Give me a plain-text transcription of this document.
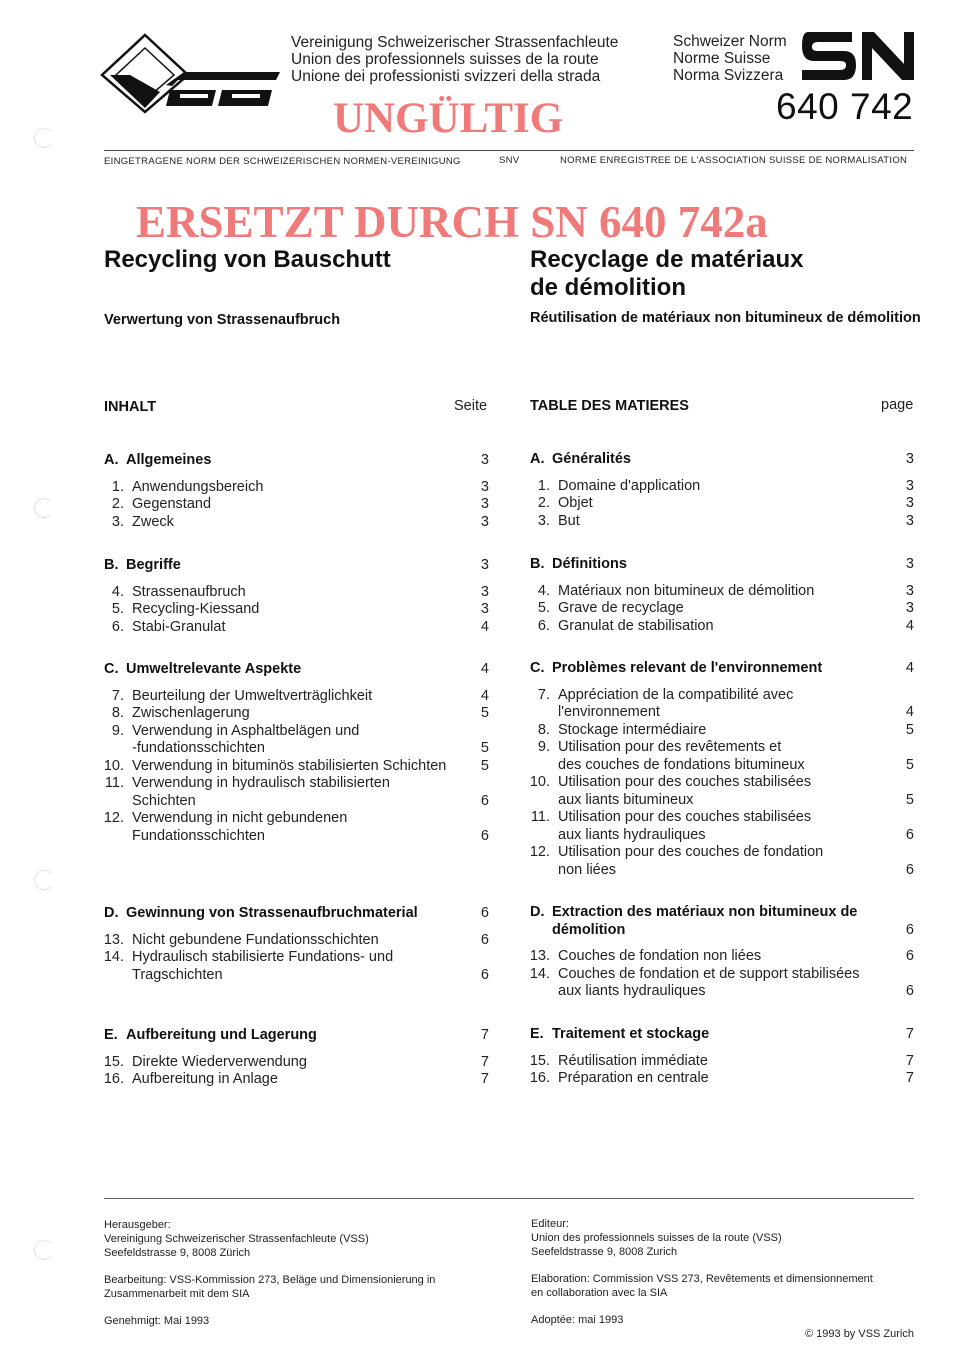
Vereinigung Schweizerischer Strassenfachleute
Union des professionnels suisses de la route
Unione dei professionisti svizzeri della strada
Schweizer Norm
Norme Suisse
Norma Svizzera
640 742
UNGÜLTIG
EINGETRAGENE NORM DER SCHWEIZERISCHEN NORMEN-VEREINIGUNG	SNV	NORME ENREGISTREE DE L'ASSOCIATION SUISSE DE NORMALISATION
ERSETZT DURCH SN 640 742a
Recycling von Bauschutt	Recyclage de matériaux
de démolition
Verwertung von Strassenaufbruch	Réutilisation de matériaux non bitumineux de démolition
INHALT	Seite	TABLE DES MATIERES	page
A. Allgemeines	3
1. Anwendungsbereich	3
2. Gegenstand	3
3. Zweck	3
B. Begriffe	3
4. Strassenaufbruch	3
5. Recycling-Kiessand	3
6. Stabi-Granulat	4
C. Umweltrelevante Aspekte	4
7. Beurteilung der Umweltverträglichkeit	4
8. Zwischenlagerung	5
9. Verwendung in Asphaltbelägen und
-fundationsschichten	5
10. Verwendung in bituminös stabilisierten Schichten	5
11. Verwendung in hydraulisch stabilisierten
Schichten	6
12. Verwendung in nicht gebundenen
Fundationsschichten	6
D. Gewinnung von Strassenaufbruchmaterial	6
13. Nicht gebundene Fundationsschichten	6
14. Hydraulisch stabilisierte Fundations- und
Tragschichten	6
E. Aufbereitung und Lagerung	7
15. Direkte Wiederverwendung	7
16. Aufbereitung in Anlage	7
A. Généralités	3
1. Domaine d'application	3
2. Objet	3
3. But	3
B. Définitions	3
4. Matériaux non bitumineux de démolition	3
5. Grave de recyclage	3
6. Granulat de stabilisation	4
C. Problèmes relevant de l'environnement	4
7. Appréciation de la compatibilité avec
l'environnement	4
8. Stockage intermédiaire	5
9. Utilisation pour des revêtements et
des couches de fondations bitumineux	5
10. Utilisation pour des couches stabilisées
aux liants bitumineux	5
11. Utilisation pour des couches stabilisées
aux liants hydrauliques	6
12. Utilisation pour des couches de fondation
non liées	6
D. Extraction des matériaux non bitumineux de
démolition	6
13. Couches de fondation non liées	6
14. Couches de fondation et de support stabilisées
aux liants hydrauliques	6
E. Traitement et stockage	7
15. Réutilisation immédiate	7
16. Préparation en centrale	7
Herausgeber:
Vereinigung Schweizerischer Strassenfachleute (VSS)
Seefeldstrasse 9, 8008 Zürich
Bearbeitung: VSS-Kommission 273, Beläge und Dimensionierung in
Zusammenarbeit mit dem SIA
Genehmigt: Mai 1993
Editeur:
Union des professionnels suisses de la route (VSS)
Seefeldstrasse 9, 8008 Zurich
Elaboration: Commission VSS 273, Revêtements et dimensionnement
en collaboration avec la SIA
Adoptée: mai 1993
© 1993 by VSS Zurich
